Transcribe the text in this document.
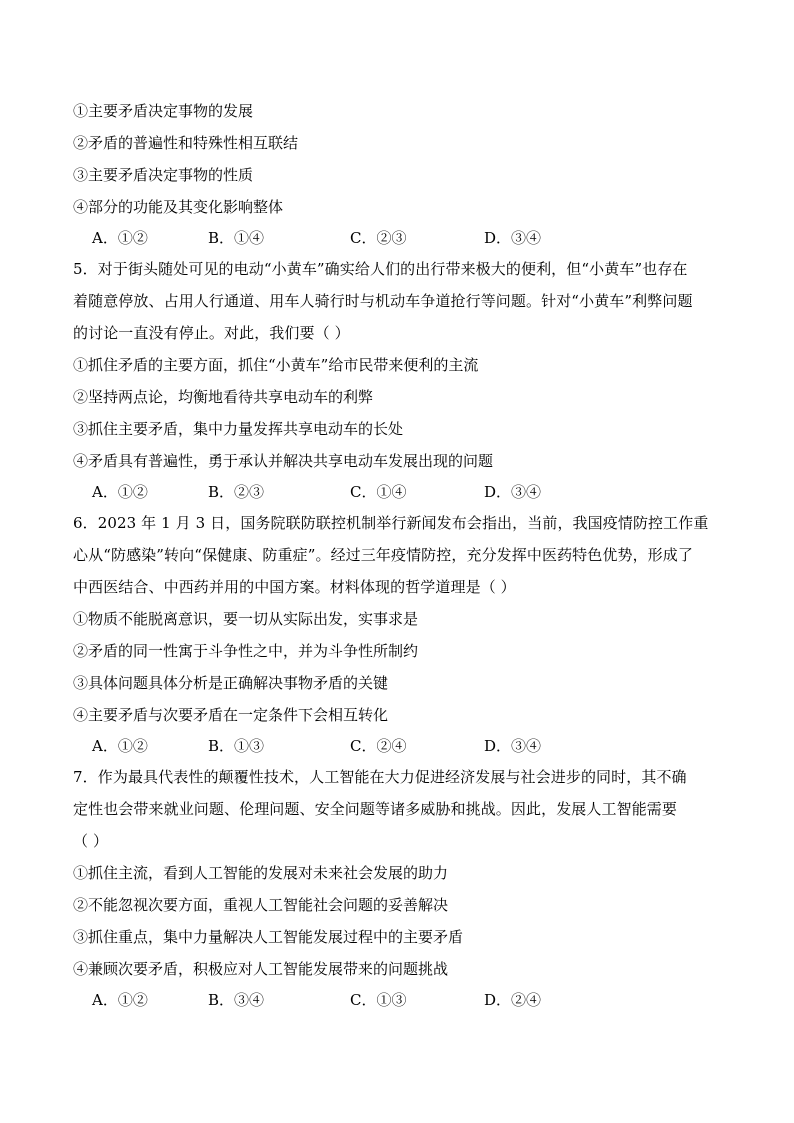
①主要矛盾决定事物的发展
②矛盾的普遍性和特殊性相互联结
③主要矛盾决定事物的性质
④部分的功能及其变化影响整体
A．①②	B．①④	C．②③	D．③④
5．对于街头随处可见的电动“小黄车”确实给人们的出行带来极大的便利，但“小黄车”也存在
着随意停放、占用人行通道、用车人骑行时与机动车争道抢行等问题。针对“小黄车”利弊问题
的讨论一直没有停止。对此，我们要（ ）
①抓住矛盾的主要方面，抓住“小黄车”给市民带来便利的主流
②坚持两点论，均衡地看待共享电动车的利弊
③抓住主要矛盾，集中力量发挥共享电动车的长处
④矛盾具有普遍性，勇于承认并解决共享电动车发展出现的问题
A．①②	B．②③	C．①④	D．③④
6．2023 年 1 月 3 日，国务院联防联控机制举行新闻发布会指出，当前，我国疫情防控工作重
心从“防感染”转向“保健康、防重症”。经过三年疫情防控，充分发挥中医药特色优势，形成了
中西医结合、中西药并用的中国方案。材料体现的哲学道理是（ ）
①物质不能脱离意识，要一切从实际出发，实事求是
②矛盾的同一性寓于斗争性之中，并为斗争性所制约
③具体问题具体分析是正确解决事物矛盾的关键
④主要矛盾与次要矛盾在一定条件下会相互转化
A．①②	B．①③	C．②④	D．③④
7．作为最具代表性的颠覆性技术，人工智能在大力促进经济发展与社会进步的同时，其不确
定性也会带来就业问题、伦理问题、安全问题等诸多威胁和挑战。因此，发展人工智能需要
（ ）
①抓住主流，看到人工智能的发展对未来社会发展的助力
②不能忽视次要方面，重视人工智能社会问题的妥善解决
③抓住重点，集中力量解决人工智能发展过程中的主要矛盾
④兼顾次要矛盾，积极应对人工智能发展带来的问题挑战
A．①②	B．③④	C．①③	D．②④
